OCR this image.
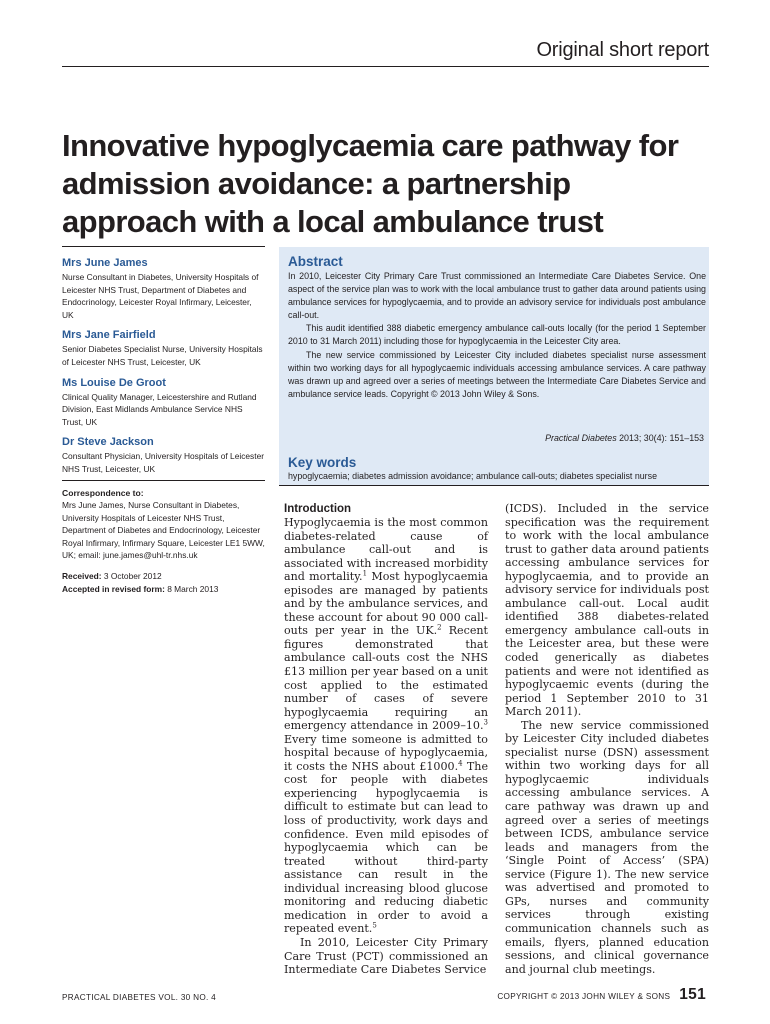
Original short report
Innovative hypoglycaemia care pathway for admission avoidance: a partnership approach with a local ambulance trust
Mrs June James
Nurse Consultant in Diabetes, University Hospitals of Leicester NHS Trust, Department of Diabetes and Endocrinology, Leicester Royal Infirmary, Leicester, UK
Mrs Jane Fairfield
Senior Diabetes Specialist Nurse, University Hospitals of Leicester NHS Trust, Leicester, UK
Ms Louise De Groot
Clinical Quality Manager, Leicestershire and Rutland Division, East Midlands Ambulance Service NHS Trust, UK
Dr Steve Jackson
Consultant Physician, University Hospitals of Leicester NHS Trust, Leicester, UK
Correspondence to:
Mrs June James, Nurse Consultant in Diabetes, University Hospitals of Leicester NHS Trust, Department of Diabetes and Endocrinology, Leicester Royal Infirmary, Infirmary Square, Leicester LE1 5WW, UK; email: june.james@uhl-tr.nhs.uk
Received: 3 October 2012
Accepted in revised form: 8 March 2013
Abstract

In 2010, Leicester City Primary Care Trust commissioned an Intermediate Care Diabetes Service. One aspect of the service plan was to work with the local ambulance trust to gather data around patients using ambulance services for hypoglycaemia, and to provide an advisory service for individuals post ambulance call-out.

This audit identified 388 diabetic emergency ambulance call-outs locally (for the period 1 September 2010 to 31 March 2011) including those for hypoglycaemia in the Leicester City area.

The new service commissioned by Leicester City included diabetes specialist nurse assessment within two working days for all hypoglycaemic individuals accessing ambulance services. A care pathway was drawn up and agreed over a series of meetings between the Intermediate Care Diabetes Service and ambulance service leads. Copyright © 2013 John Wiley & Sons.

Practical Diabetes 2013; 30(4): 151–153
Key words
hypoglycaemia; diabetes admission avoidance; ambulance call-outs; diabetes specialist nurse
Introduction

Hypoglycaemia is the most common diabetes-related cause of ambulance call-out and is associated with increased morbidity and mortality.$^1$ Most hypoglycaemia episodes are managed by patients and by the ambulance services, and these account for about 90 000 call-outs per year in the UK.$^2$ Recent figures demonstrated that ambulance call-outs cost the NHS £13 million per year based on a unit cost applied to the estimated number of cases of severe hypoglycaemia requiring an emergency attendance in 2009–10.$^3$ Every time someone is admitted to hospital because of hypoglycaemia, it costs the NHS about £1000.$^4$ The cost for people with diabetes experiencing hypoglycaemia is difficult to estimate but can lead to loss of productivity, work days and confidence. Even mild episodes of hypoglycaemia which can be treated without third-party assistance can result in the individual increasing blood glucose monitoring and reducing diabetic medication in order to avoid a repeated event.$^5$

In 2010, Leicester City Primary Care Trust (PCT) commissioned an Intermediate Care Diabetes Service

(ICDS). Included in the service specification was the requirement to work with the local ambulance trust to gather data around patients accessing ambulance services for hypoglycaemia, and to provide an advisory service for individuals post ambulance call-out. Local audit identified 388 diabetes-related emergency ambulance call-outs in the Leicester area, but these were coded generically as diabetes patients and were not identified as hypoglycaemic events (during the period 1 September 2010 to 31 March 2011).

The new service commissioned by Leicester City included diabetes specialist nurse (DSN) assessment within two working days for all hypoglycaemic individuals accessing ambulance services. A care pathway was drawn up and agreed over a series of meetings between ICDS, ambulance service leads and managers from the ‘Single Point of Access’ (SPA) service (Figure 1). The new service was advertised and promoted to GPs, nurses and community services through existing communication channels such as emails, flyers, planned education sessions, and clinical governance and journal club meetings.

PRACTICAL DIABETES VOL. 30 NO. 4	COPYRIGHT © 2013 JOHN WILEY & SONS 151
